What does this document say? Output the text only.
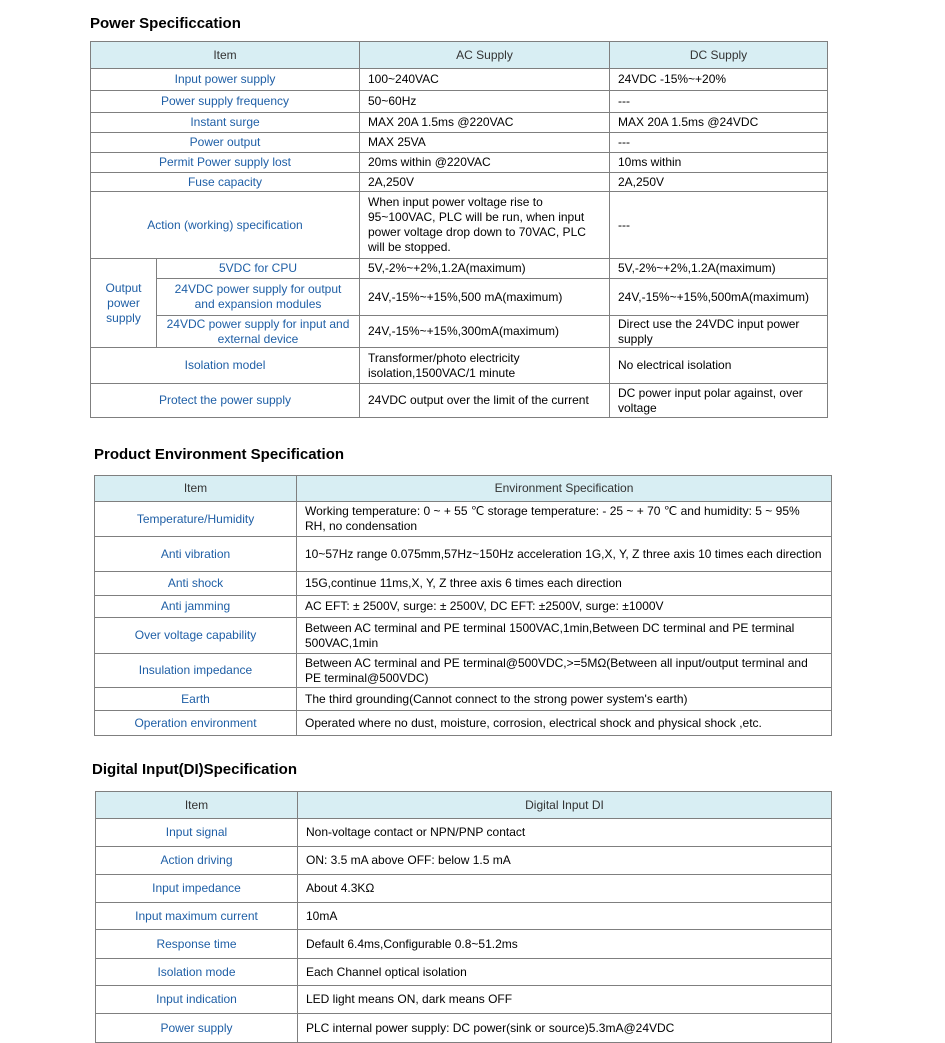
Power Specificcation
Item		AC Supply	DC Supply
Input power supply		100~240VAC	24VDC -15%~+20%
Power supply frequency		50~60Hz	---
Instant surge		MAX 20A 1.5ms @220VAC	MAX 20A 1.5ms @24VDC
Power output		MAX 25VA	---
Permit Power supply lost		20ms within @220VAC	10ms within
Fuse capacity		2A,250V	2A,250V
Action (working) specification		When input power voltage rise to 95~100VAC, PLC will be run, when input power voltage drop down to 70VAC, PLC will be stopped.	---
Output power supply	5VDC for CPU	5V,-2%~+2%,1.2A(maximum)	5V,-2%~+2%,1.2A(maximum)
	24VDC power supply for output and expansion modules	24V,-15%~+15%,500 mA(maximum)	24V,-15%~+15%,500mA(maximum)
	24VDC power supply for input and external device	24V,-15%~+15%,300mA(maximum)	Direct use the 24VDC input power supply
Isolation model		Transformer/photo electricity isolation,1500VAC/1 minute	No electrical isolation
Protect the power supply		24VDC output over the limit of the current	DC power input polar against, over voltage
Product Environment Specification
Item	Environment Specification
Temperature/Humidity	Working temperature: 0 ~ + 55 ℃ storage temperature: - 25 ~ + 70 ℃ and humidity: 5 ~ 95% RH, no condensation
Anti vibration	10~57Hz range 0.075mm,57Hz~150Hz acceleration 1G,X, Y, Z three axis 10 times each direction
Anti shock	15G,continue 11ms,X, Y, Z three axis 6 times each direction
Anti jamming	AC EFT: ± 2500V, surge: ± 2500V, DC EFT: ±2500V, surge: ±1000V
Over voltage capability	Between AC terminal and PE terminal 1500VAC,1min,Between DC terminal and PE terminal 500VAC,1min
Insulation impedance	Between AC terminal and PE terminal@500VDC,>=5MΩ(Between all input/output terminal and PE terminal@500VDC)
Earth	The third grounding(Cannot connect to the strong power system's earth)
Operation environment	Operated where no dust, moisture, corrosion, electrical shock and physical shock ,etc.
Digital Input(DI)Specification
Item	Digital Input DI
Input signal	Non-voltage contact or NPN/PNP contact
Action driving	ON: 3.5 mA above OFF: below 1.5 mA
Input impedance	About 4.3KΩ
Input maximum current	10mA
Response time	Default 6.4ms,Configurable 0.8~51.2ms
Isolation mode	Each Channel optical isolation
Input indication	LED light means ON, dark means OFF
Power supply	PLC internal power supply: DC power(sink or source)5.3mA@24VDC
